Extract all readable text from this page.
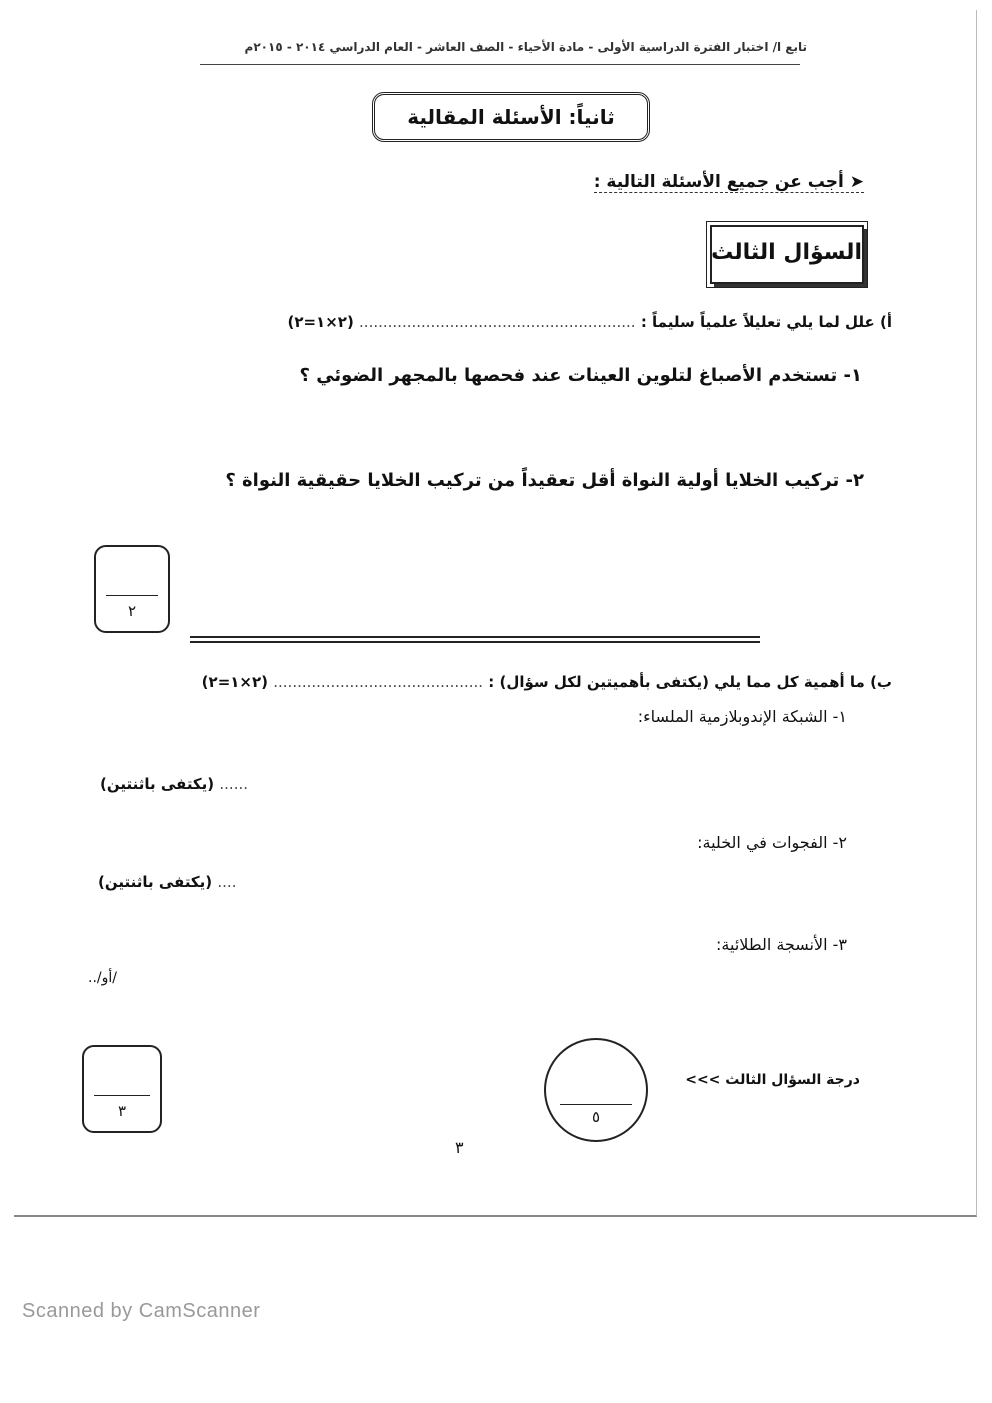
تابع ا/ اختبار الفترة الدراسية الأولى - مادة الأحياء - الصف العاشر - العام الدراسي ٢٠١٤ - ٢٠١٥م
ثانياً: الأسئلة المقالية
➤ أجب عن جميع الأسئلة التالية :
السؤال الثالث
أ) علل لما يلي تعليلاً علمياً سليماً : .......................................................... (٢×١=٢)
١- تستخدم الأصباغ لتلوين العينات عند فحصها بالمجهر الضوئي ؟
٢- تركيب الخلايا أولية النواة أقل تعقيداً من تركيب الخلايا حقيقية النواة ؟
٢
ب) ما أهمية كل مما يلي (يكتفى بأهميتين لكل سؤال) : ............................................ (٢×١=٢)
١- الشبكة الإندوبلازمية الملساء:
...... (يكتفى باثنتين)
٢- الفجوات في الخلية:
.... (يكتفى باثنتين)
٣- الأنسجة الطلائية:
../أو/
٣	٥
درجة السؤال الثالث >>>
٣
Scanned by CamScanner
